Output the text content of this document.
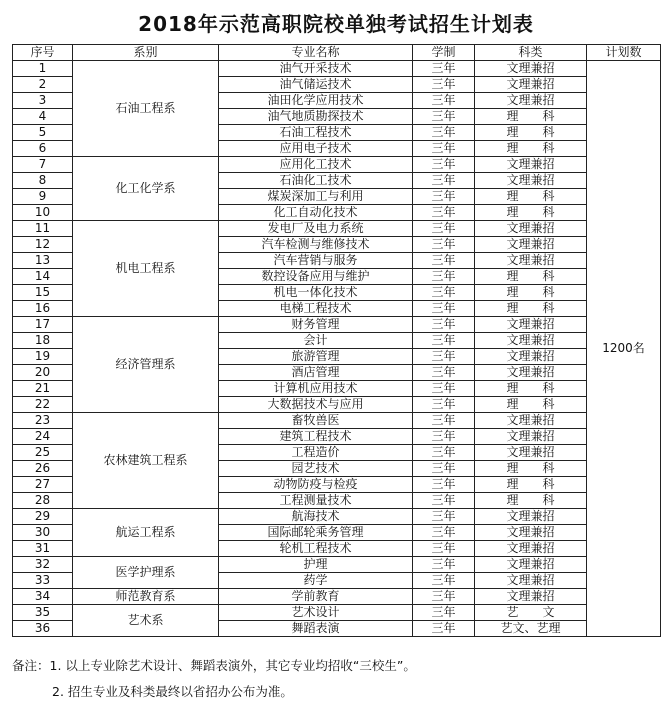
2018年示范高职院校单独考试招生计划表
序号	系别	专业名称	学制	科类	计划数
1	石油工程系	油气开采技术	三年	文理兼招	1200名
2		油气储运技术	三年	文理兼招	
3		油田化学应用技术	三年	文理兼招	
4		油气地质勘探技术	三年	理　　科	
5		石油工程技术	三年	理　　科	
6		应用电子技术	三年	理　　科	
7	化工化学系	应用化工技术	三年	文理兼招	
8		石油化工技术	三年	文理兼招	
9		煤炭深加工与利用	三年	理　　科	
10		化工自动化技术	三年	理　　科	
11	机电工程系	发电厂及电力系统	三年	文理兼招	
12		汽车检测与维修技术	三年	文理兼招	
13		汽车营销与服务	三年	文理兼招	
14		数控设备应用与维护	三年	理　　科	
15		机电一体化技术	三年	理　　科	
16		电梯工程技术	三年	理　　科	
17	经济管理系	财务管理	三年	文理兼招	
18		会计	三年	文理兼招	
19		旅游管理	三年	文理兼招	
20		酒店管理	三年	文理兼招	
21		计算机应用技术	三年	理　　科	
22		大数据技术与应用	三年	理　　科	
23	农林建筑工程系	畜牧兽医	三年	文理兼招	
24		建筑工程技术	三年	文理兼招	
25		工程造价	三年	文理兼招	
26		园艺技术	三年	理　　科	
27		动物防疫与检疫	三年	理　　科	
28		工程测量技术	三年	理　　科	
29	航运工程系	航海技术	三年	文理兼招	
30		国际邮轮乘务管理	三年	文理兼招	
31		轮机工程技术	三年	文理兼招	
32	医学护理系	护理	三年	文理兼招	
33		药学	三年	文理兼招	
34	师范教育系	学前教育	三年	文理兼招	
35	艺术系	艺术设计	三年	艺　　文	
36		舞蹈表演	三年	艺文、艺理	
备注：1. 以上专业除艺术设计、舞蹈表演外，其它专业均招收“三校生”。
2. 招生专业及科类最终以省招办公布为准。
